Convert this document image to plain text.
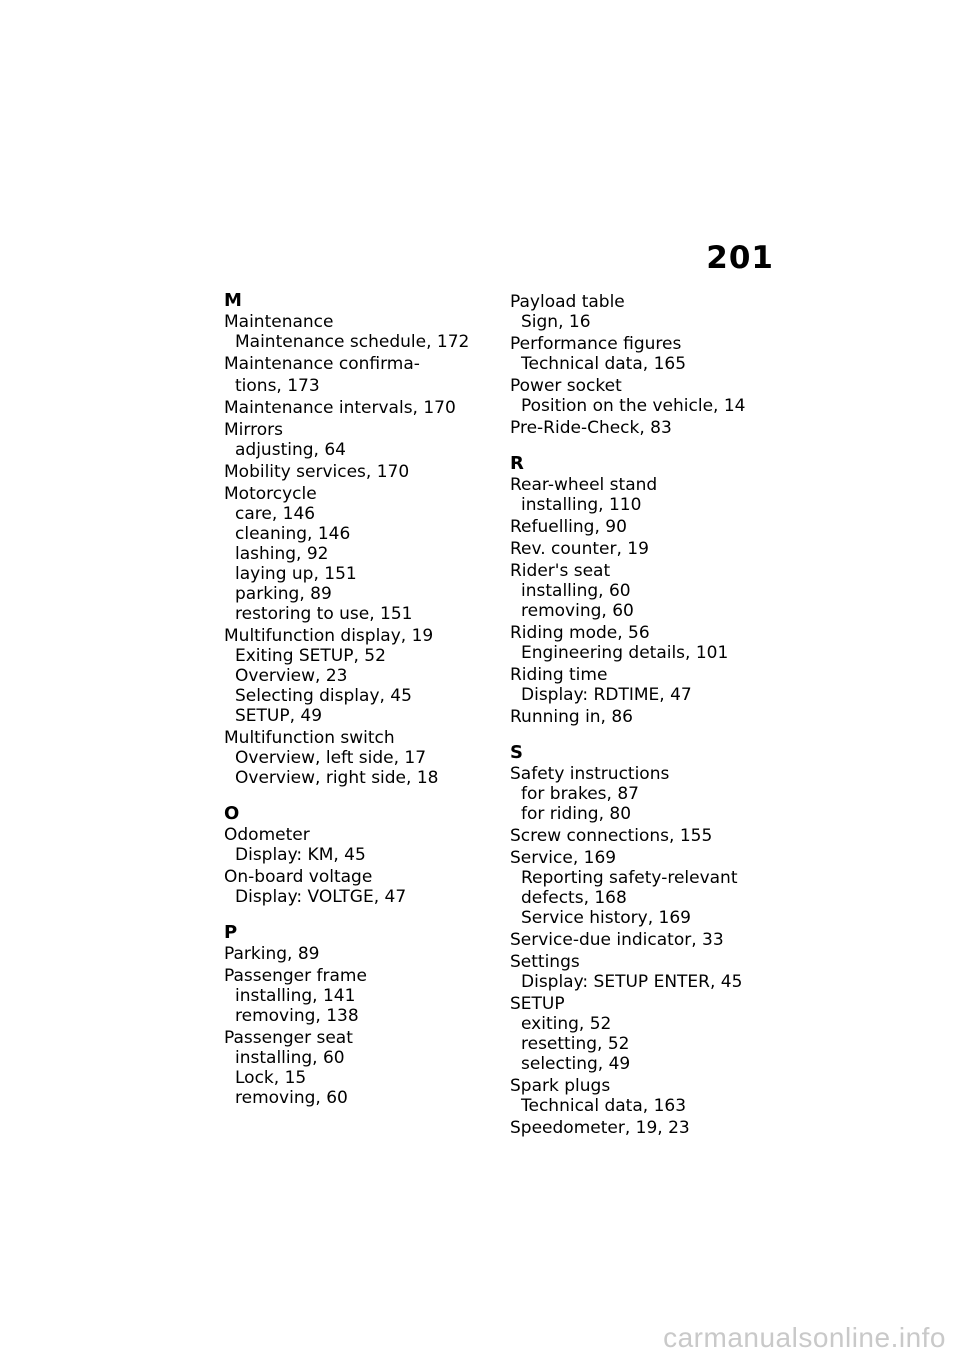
201
M
Maintenance
Maintenance schedule, 172
Maintenance confirma-
tions, 173
Maintenance intervals, 170
Mirrors
adjusting, 64
Mobility services, 170
Motorcycle
care, 146
cleaning, 146
lashing, 92
laying up, 151
parking, 89
restoring to use, 151
Multifunction display, 19
Exiting SETUP, 52
Overview, 23
Selecting display, 45
SETUP, 49
Multifunction switch
Overview, left side, 17
Overview, right side, 18
O
Odometer
Display: KM, 45
On-board voltage
Display: VOLTGE, 47
P
Parking, 89
Passenger frame
installing, 141
removing, 138
Passenger seat
installing, 60
Lock, 15
removing, 60
Payload table
Sign, 16
Performance figures
Technical data, 165
Power socket
Position on the vehicle, 14
Pre-Ride-Check, 83
R
Rear-wheel stand
installing, 110
Refuelling, 90
Rev. counter, 19
Rider's seat
installing, 60
removing, 60
Riding mode, 56
Engineering details, 101
Riding time
Display: RDTIME, 47
Running in, 86
S
Safety instructions
for brakes, 87
for riding, 80
Screw connections, 155
Service, 169
Reporting safety-relevant
defects, 168
Service history, 169
Service-due indicator, 33
Settings
Display: SETUP ENTER, 45
SETUP
exiting, 52
resetting, 52
selecting, 49
Spark plugs
Technical data, 163
Speedometer, 19, 23
carmanualsonline.info
